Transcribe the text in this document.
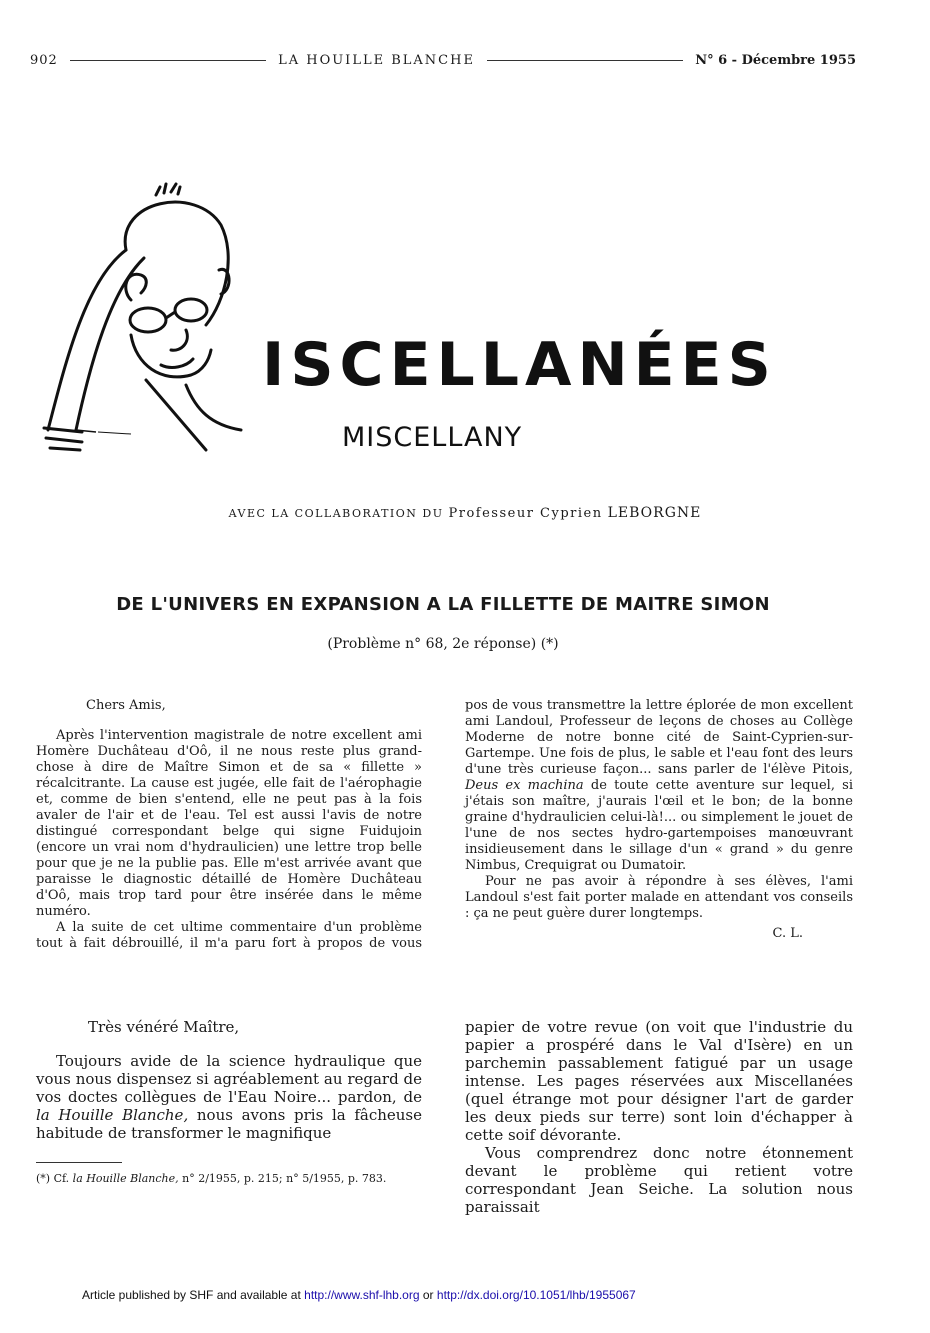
902	LA HOUILLE BLANCHE	N° 6 - Décembre 1955
ISCELLANÉES
MISCELLANY
AVEC LA COLLABORATION DU Professeur Cyprien LEBORGNE
DE L'UNIVERS EN EXPANSION A LA FILLETTE DE MAITRE SIMON
(Problème n° 68, 2e réponse) (*)

Chers Amis,

Après l'intervention magistrale de notre excellent ami Homère Duchâteau d'Oô, il ne nous reste plus grand-chose à dire de Maître Simon et de sa « fillette » récalcitrante. La cause est jugée, elle fait de l'aérophagie et, comme de bien s'entend, elle ne peut pas à la fois avaler de l'air et de l'eau. Tel est aussi l'avis de notre distingué correspondant belge qui signe Fuidujoin (encore un vrai nom d'hydraulicien) une lettre trop belle pour que je ne la publie pas. Elle m'est arrivée avant que paraisse le diagnostic détaillé de Homère Duchâteau d'Oô, mais trop tard pour être insérée dans le même numéro.

A la suite de cet ultime commentaire d'un problème tout à fait débrouillé, il m'a paru fort à propos de vous

pos de vous transmettre la lettre éplorée de mon excellent ami Landoul, Professeur de leçons de choses au Collège Moderne de notre bonne cité de Saint-Cyprien-sur-Gartempe. Une fois de plus, le sable et l'eau font des leurs d'une très curieuse façon... sans parler de l'élève Pitois, Deus ex machina de toute cette aventure sur lequel, si j'étais son maître, j'aurais l'œil et le bon; de la bonne graine d'hydraulicien celui-là!... ou simplement le jouet de l'une de nos sectes hydro-gartempoises manœuvrant insidieusement dans le sillage d'un « grand » du genre Nimbus, Crequigrat ou Dumatoir.

Pour ne pas avoir à répondre à ses élèves, l'ami Landoul s'est fait porter malade en attendant vos conseils : ça ne peut guère durer longtemps.

C. L.

Très vénéré Maître,

Toujours avide de la science hydraulique que vous nous dispensez si agréablement au regard de vos doctes collègues de l'Eau Noire... pardon, de la Houille Blanche, nous avons pris la fâcheuse habitude de transformer le magnifique

papier de votre revue (on voit que l'industrie du papier a prospéré dans le Val d'Isère) en un parchemin passablement fatigué par un usage intense. Les pages réservées aux Miscellanées (quel étrange mot pour désigner l'art de garder les deux pieds sur terre) sont loin d'échapper à cette soif dévorante.

Vous comprendrez donc notre étonnement devant le problème qui retient votre correspondant Jean Seiche. La solution nous paraissait

(*) Cf. la Houille Blanche, n° 2/1955, p. 215; n° 5/1955, p. 783.
Article published by SHF and available at http://www.shf-lhb.org or http://dx.doi.org/10.1051/lhb/1955067
